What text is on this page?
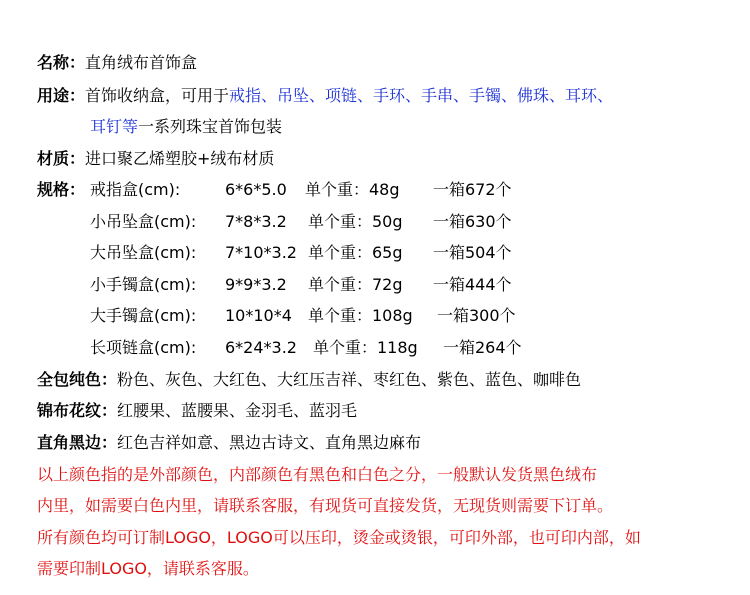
名称：直角绒布首饰盒
用途：首饰收纳盒，可用于戒指、吊坠、项链、手环、手串、手镯、佛珠、耳环、
耳钉等一系列珠宝首饰包装
材质：进口聚乙烯塑胶+绒布材质
规格： 戒指盒(cm):	6*6*5.0 单个重：48g 一箱672个
小吊坠盒(cm): 7*8*3.2 单个重：50g 一箱630个
大吊坠盒(cm): 7*10*3.2 单个重：65g 一箱504个
小手镯盒(cm): 9*9*3.2 单个重：72g 一箱444个
大手镯盒(cm): 10*10*4 单个重：108g 一箱300个
长项链盒(cm): 6*24*3.2 单个重：118g 一箱264个
全包纯色：粉色、灰色、大红色、大红压吉祥、枣红色、紫色、蓝色、咖啡色
锦布花纹：红腰果、蓝腰果、金羽毛、蓝羽毛
直角黑边：红色吉祥如意、黑边古诗文、直角黑边麻布
以上颜色指的是外部颜色，内部颜色有黑色和白色之分，一般默认发货黑色绒布
内里，如需要白色内里，请联系客服，有现货可直接发货，无现货则需要下订单。
所有颜色均可订制LOGO，LOGO可以压印，烫金或烫银，可印外部，也可印内部，如
需要印制LOGO，请联系客服。
